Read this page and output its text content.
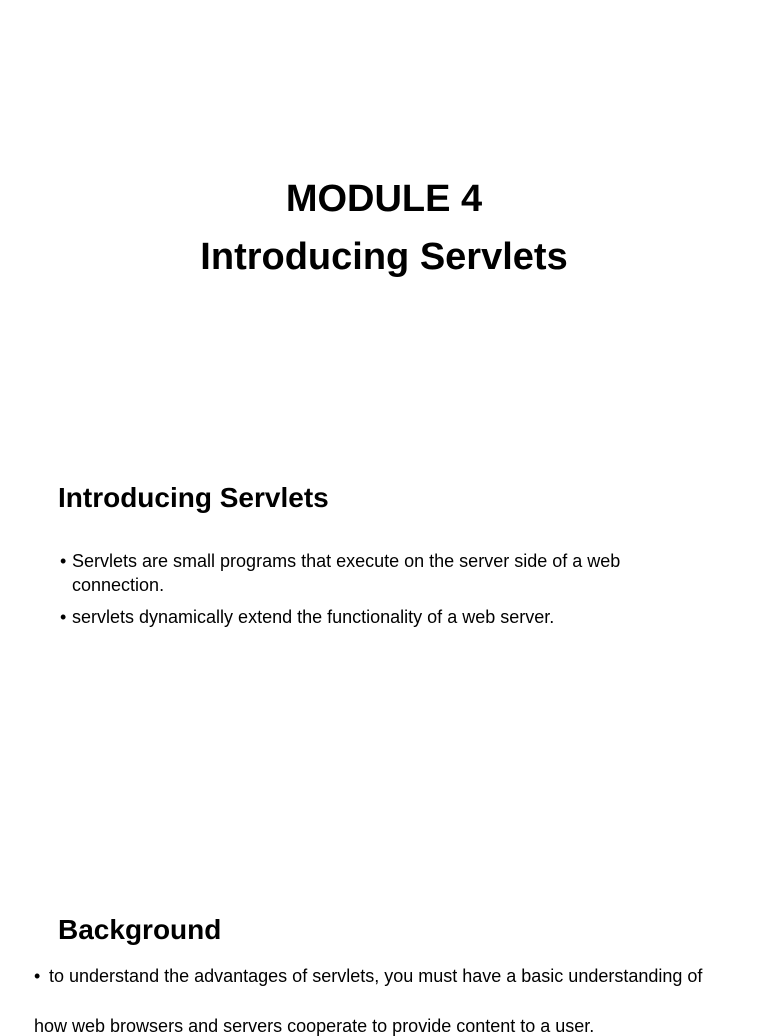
MODULE 4
Introducing Servlets
Introducing Servlets
• Servlets are small programs that execute on the server side of a web connection.
• servlets dynamically extend the functionality of a web server.
Background
• to understand the advantages of servlets, you must have a basic understanding of

how web browsers and servers cooperate to provide content to a user.
